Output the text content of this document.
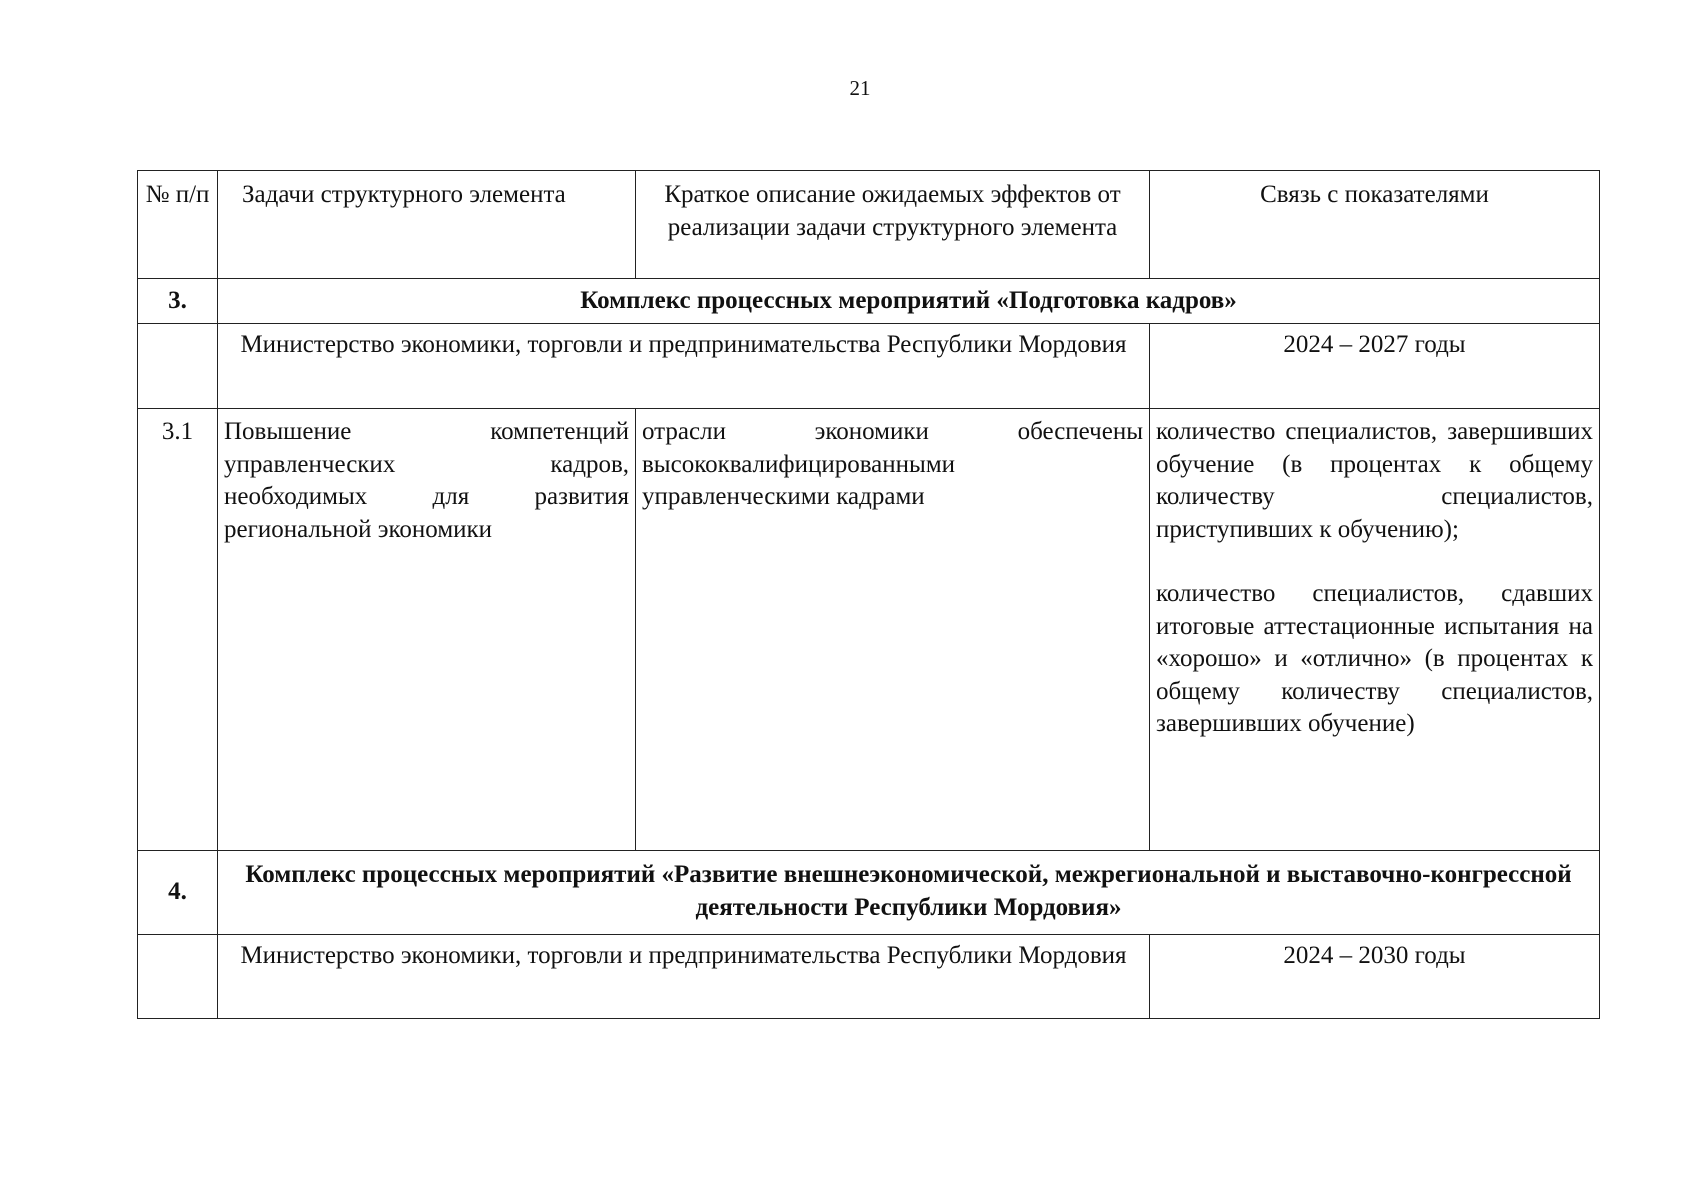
21
№ п/п	Задачи структурного элемента	Краткое описание ожидаемых эффектов от реализации задачи структурного элемента	Связь с показателями

3.	Комплекс процессных мероприятий «Подготовка кадров»		
	Министерство экономики, торговли и предпринимательства Республики Мордовия		2024 – 2027 годы
3.1	Повышение компетенций управленческих кадров, необходимых для развития региональной экономики	отрасли экономики обеспечены высококвалифицированными управленческими кадрами	количество специалистов, завершивших обучение (в процентах к общему количеству специалистов, приступивших к обучению);

количество специалистов, сдавших итоговые аттестационные испытания на «хорошо» и «отлично» (в процентах к общему количеству специалистов, завершивших обучение)

4.	Комплекс процессных мероприятий «Развитие внешнеэкономической, межрегиональной и выставочно-конгрессной деятельности Республики Мордовия»		
	Министерство экономики, торговли и предпринимательства Республики Мордовия		2024 – 2030 годы
